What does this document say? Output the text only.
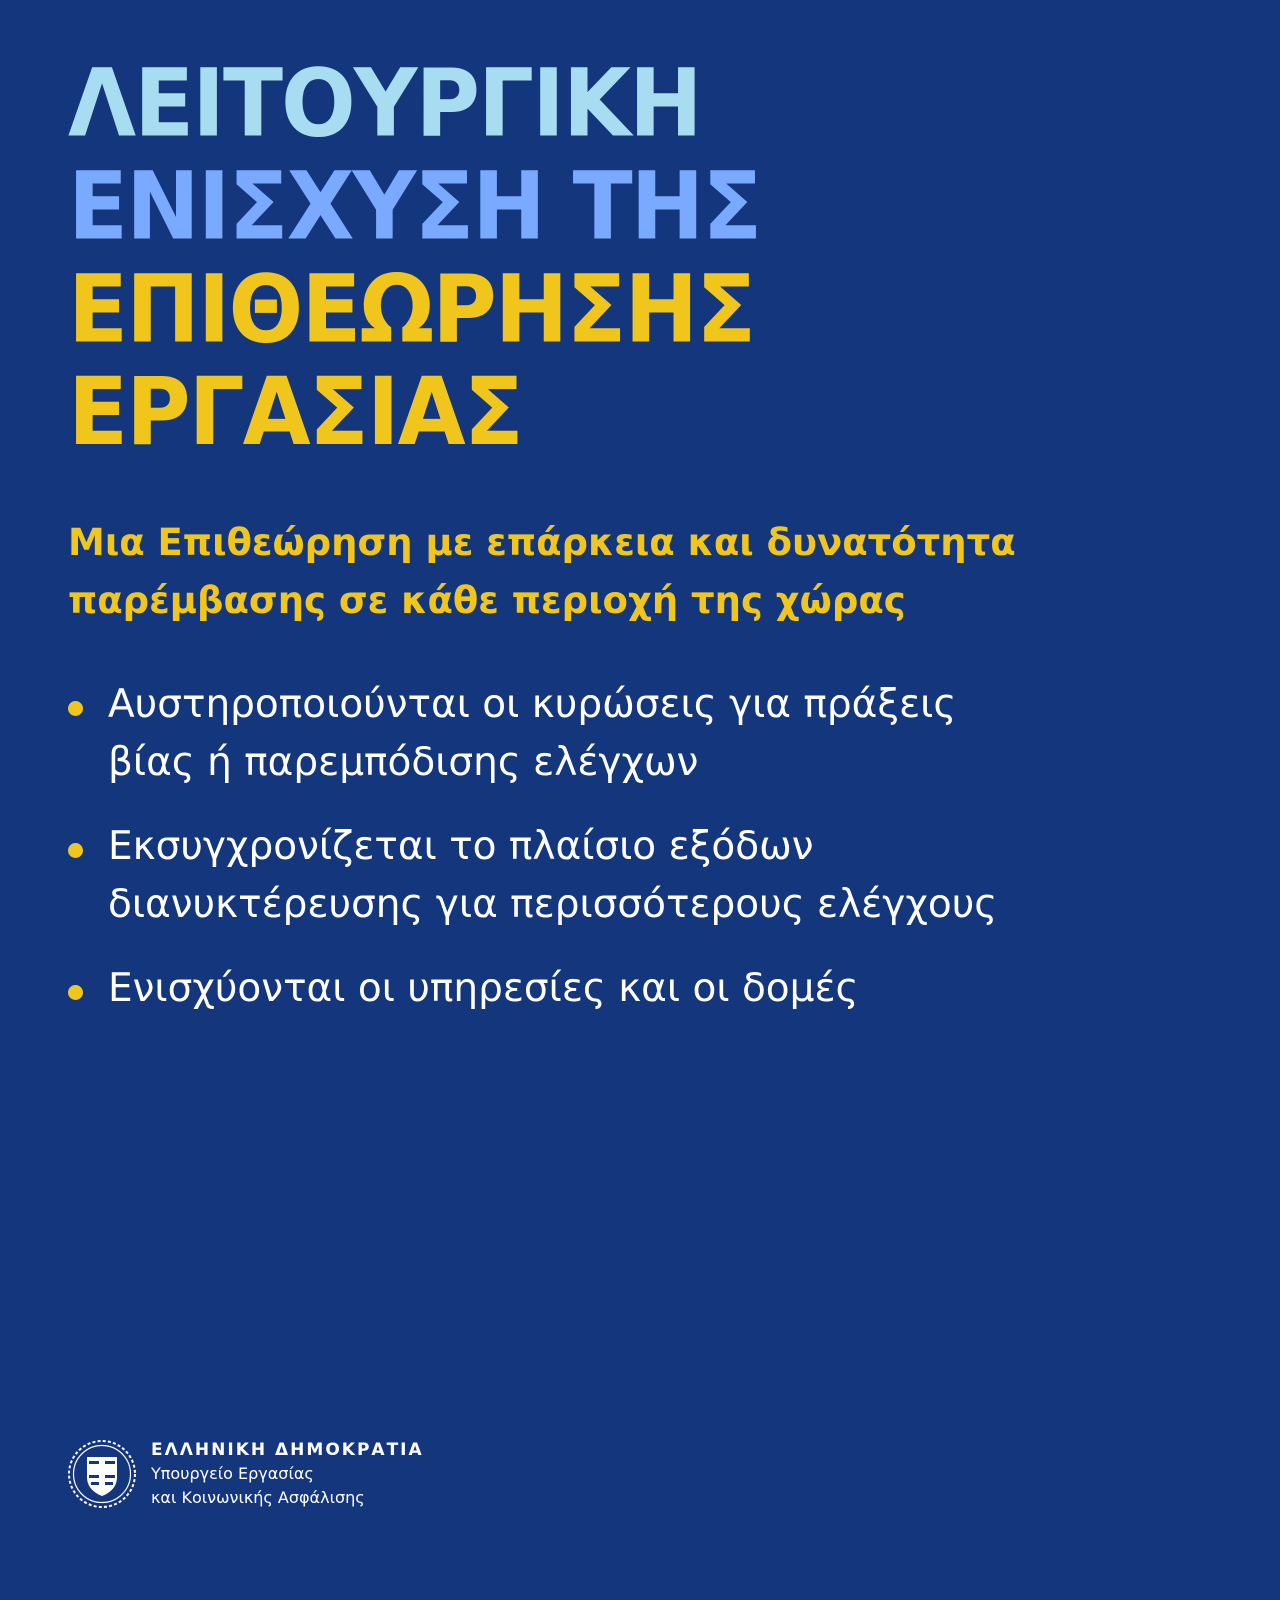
ΛΕΙΤΟΥΡΓΙΚΗ
ΕΝΙΣΧΥΣΗ ΤΗΣ
ΕΠΙΘΕΩΡΗΣΗΣ
ΕΡΓΑΣΙΑΣ

Μια Επιθεώρηση με επάρκεια και δυνατότητα
παρέμβασης σε κάθε περιοχή της χώρας

Αυστηροποιούνται οι κυρώσεις για πράξεις
βίας ή παρεμπόδισης ελέγχων
Εκσυγχρονίζεται το πλαίσιο εξόδων
διανυκτέρευσης για περισσότερους ελέγχους
Ενισχύονται οι υπηρεσίες και οι δομές
ΕΛΛΗΝΙΚΗ ΔΗΜΟΚΡΑΤΙΑ
Υπουργείο Εργασίας
και Κοινωνικής Ασφάλισης
